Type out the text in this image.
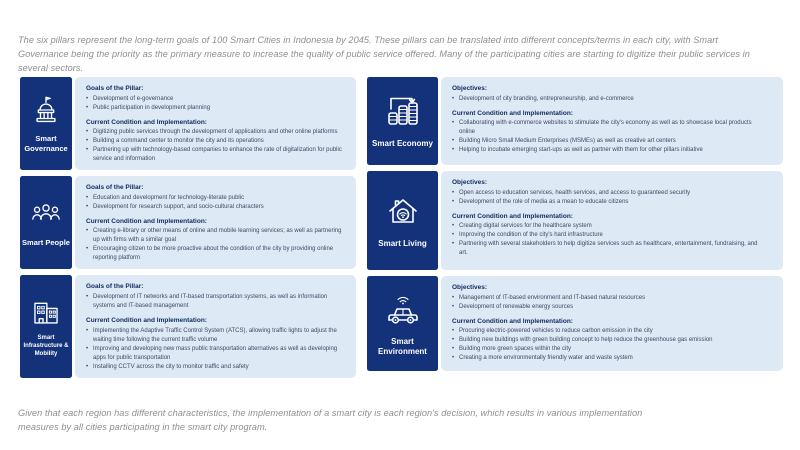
The six pillars represent the long-term goals of 100 Smart Cities in Indonesia by 2045. These pillars can be translated into different concepts/terms in each city, with Smart Governance being the priority as the primary measure to increase the quality of public service offered. Many of the participating cities are starting to digitize their public services in several sectors.

Smart Governance

Goals of the Pillar:

• Development of e-governance
• Public participation in development planning

Current Condition and Implementation:

• Digitizing public services through the development of applications and other online platforms
• Building a command center to monitor the city and its operations
• Partnering up with technology-based companies to enhance the rate of digitalization for public service and information
Smart People

Goals of the Pillar:

• Education and development for technology-literate public
• Development for research support, and socio-cultural characters

Current Condition and Implementation:

• Creating e-library or other means of online and mobile learning services; as well as partnering up with firms with a similar goal
• Encouraging citizen to be more proactive about the condition of the city by providing online reporting platform
Smart Infrastructure & Mobility

Goals of the Pillar:

• Development of IT networks and IT-based transportation systems, as well as information systems and IT-based management

Current Condition and Implementation:

• Implementing the Adaptive Traffic Control System (ATCS), allowing traffic lights to adjust the waiting time following the current traffic volume
• Improving and developing new mass public transportation alternatives as well as developing apps for public transportation
• Installing CCTV across the city to monitor traffic and safety
Smart Economy

Objectives:

• Development of city branding, entrepreneurship, and e-commerce

Current Condition and Implementation:

• Collaborating with e-commerce websites to stimulate the city's economy as well as to showcase local products online
• Building Micro Small Medium Enterprises (MSMEs) as well as creative art centers
• Helping to incubate emerging start-ups as well as partner with them for other pillars initiative
Smart Living

Objectives:

• Open access to education services, health services, and access to guaranteed security
• Development of the role of media as a mean to educate citizens

Current Condition and Implementation:

• Creating digital services for the healthcare system
• Improving the condition of the city's hard infrastructure
• Partnering with several stakeholders to help digitize services such as healthcare, entertainment, fundraising, and art.
Smart Environment

Objectives:

• Management of IT-based environment and IT-based natural resources
• Development of renewable energy sources

Current Condition and Implementation:

• Procuring electric-powered vehicles to reduce carbon emission in the city
• Building new buildings with green building concept to help reduce the greenhouse gas emission
• Building more green spaces within the city
• Creating a more environmentally friendly water and waste system

Given that each region has different characteristics, the implementation of a smart city is each region's decision, which results in various implementation measures by all cities participating in the smart city program.
